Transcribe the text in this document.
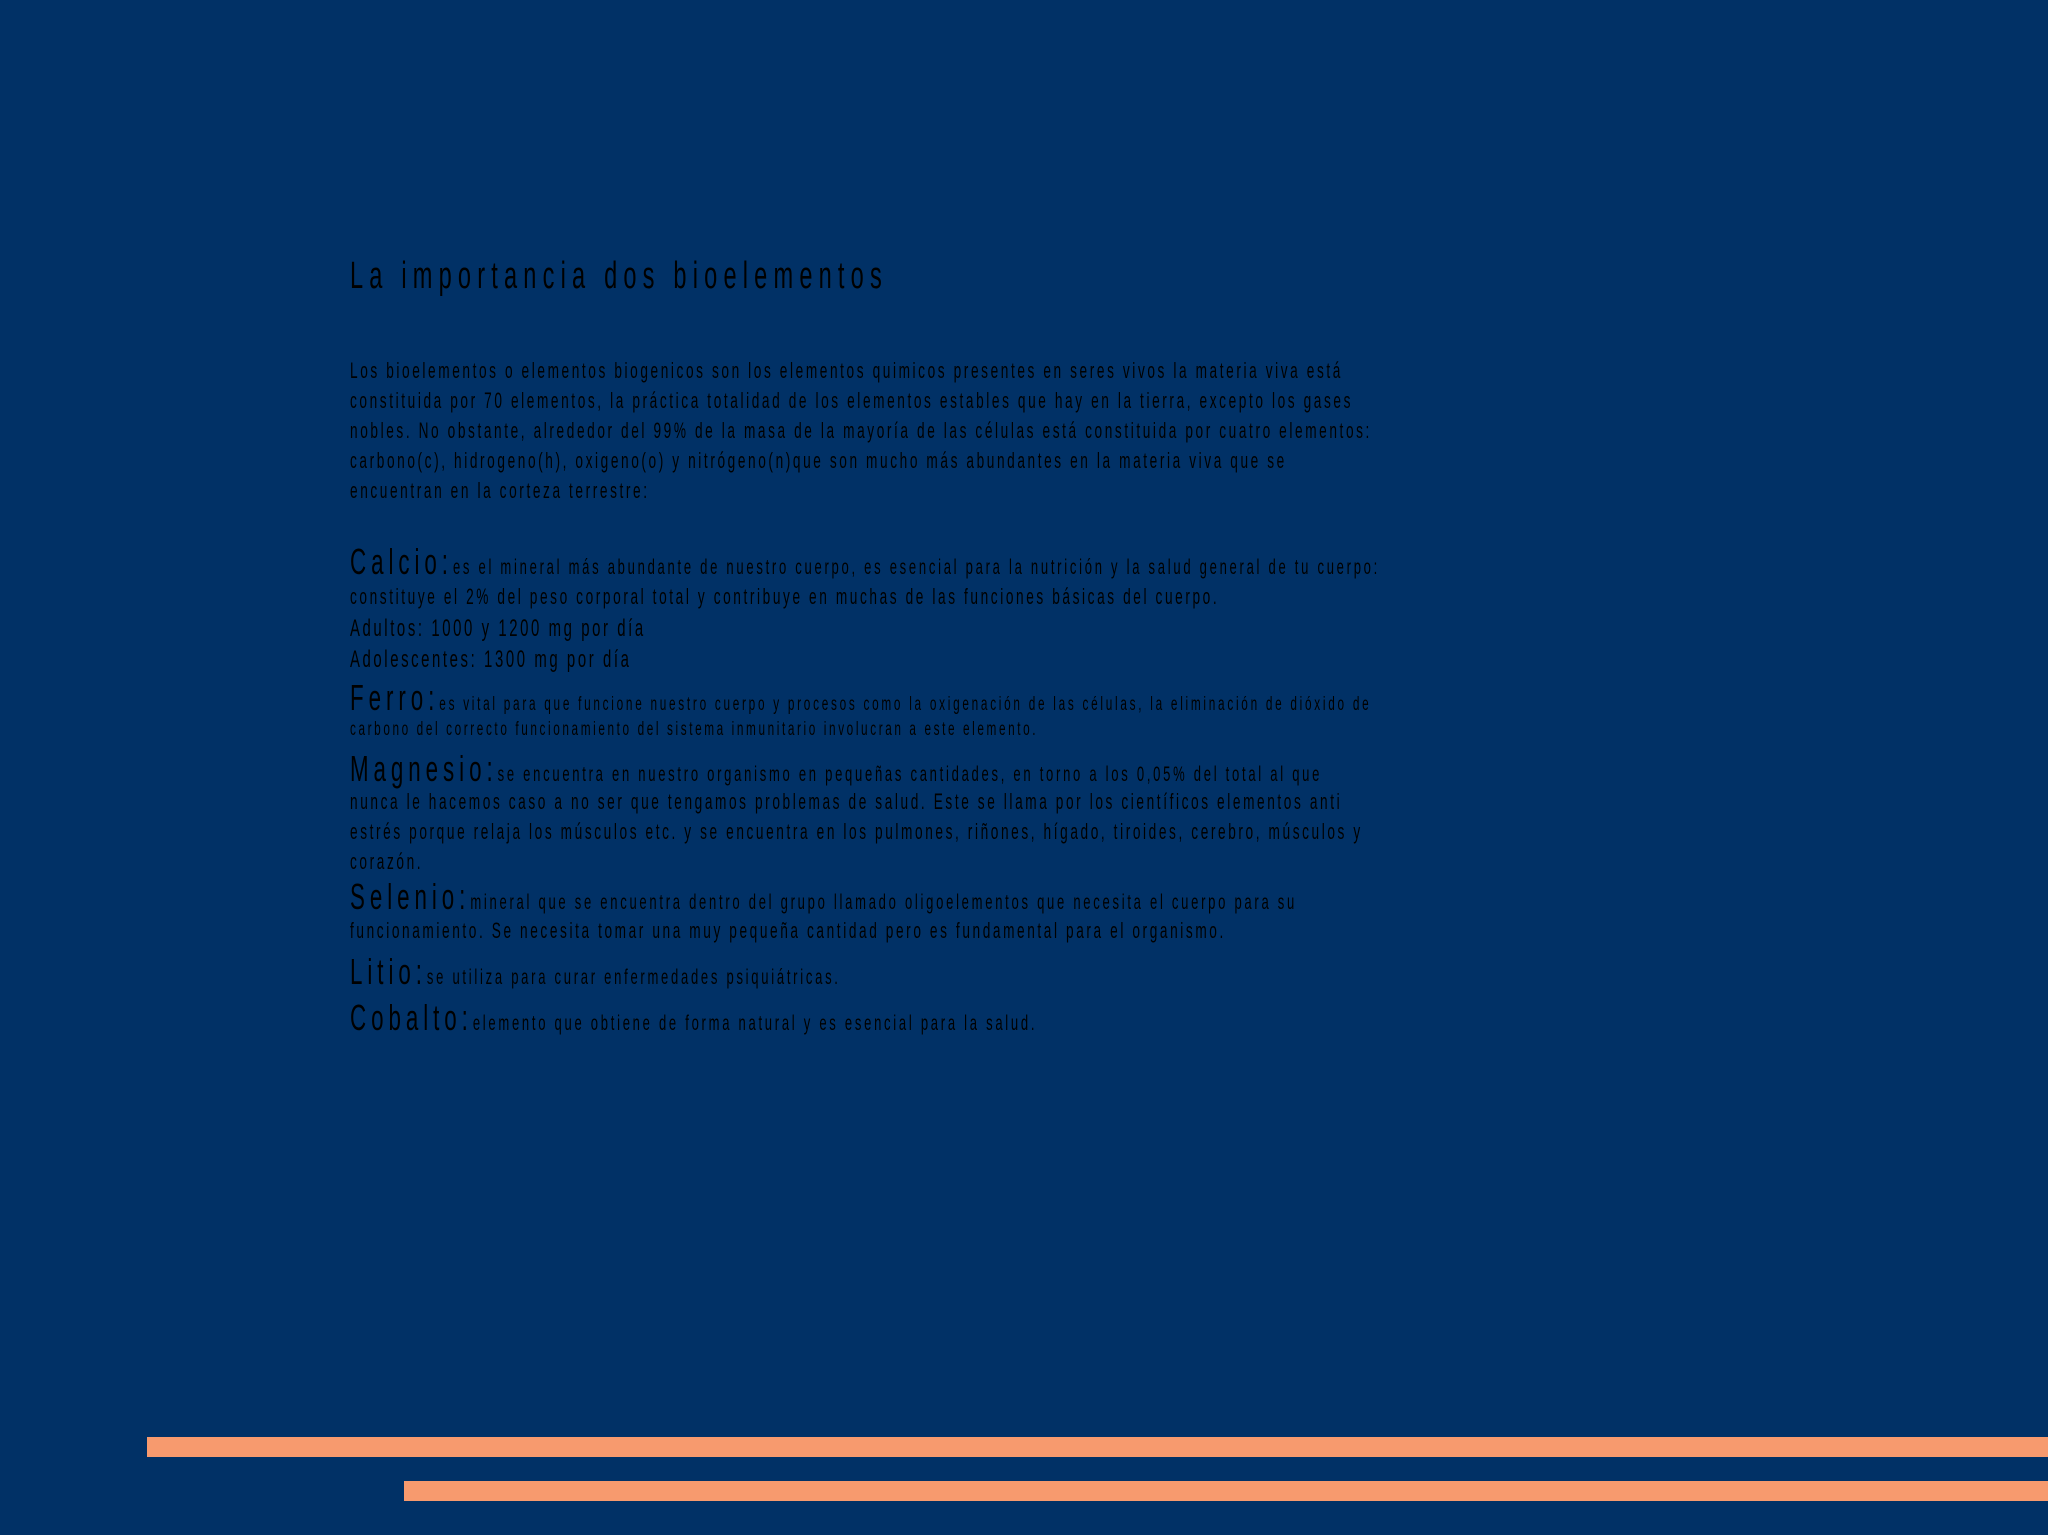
La importancia dos bioelementos
Los bioelementos o elementos biogenicos son los elementos quimicos presentes en seres vivos la materia viva está
constituida por 70 elementos, la práctica totalidad de los elementos estables que hay en la tierra, excepto los gases
nobles. No obstante, alrededor del 99% de la masa de la mayoría de las células está constituida por cuatro elementos:
carbono(c), hidrogeno(h), oxigeno(o) y nitrógeno(n)que son mucho más abundantes en la materia viva que se
encuentran en la corteza terrestre:
Calcio:es el mineral más abundante de nuestro cuerpo, es esencial para la nutrición y la salud general de tu cuerpo:
constituye el 2% del peso corporal total y contribuye en muchas de las funciones básicas del cuerpo.
Adultos: 1000 y 1200 mg por día
Adolescentes: 1300 mg por día
Ferro:es vital para que funcione nuestro cuerpo y procesos como la oxigenación de las células, la eliminación de dióxido de
carbono del correcto funcionamiento del sistema inmunitario involucran a este elemento.
Magnesio:se encuentra en nuestro organismo en pequeñas cantidades, en torno a los 0,05% del total al que
nunca le hacemos caso a no ser que tengamos problemas de salud. Este se llama por los científicos elementos anti
estrés porque relaja los músculos etc. y se encuentra en los pulmones, riñones, hígado, tiroides, cerebro, músculos y
corazón.
Selenio:mineral que se encuentra dentro del grupo llamado oligoelementos que necesita el cuerpo para su
funcionamiento. Se necesita tomar una muy pequeña cantidad pero es fundamental para el organismo.
Litio:se utiliza para curar enfermedades psiquiátricas.
Cobalto:elemento que obtiene de forma natural y es esencial para la salud.
